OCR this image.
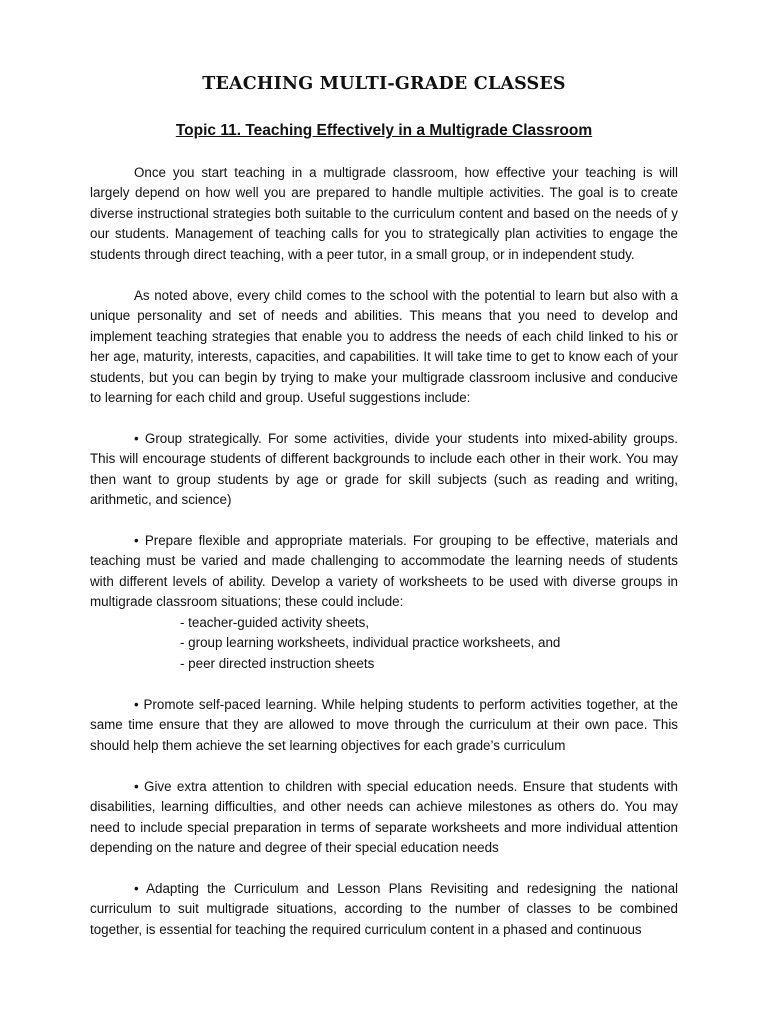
TEACHING MULTI-GRADE CLASSES
Topic 11. Teaching Effectively in a Multigrade Classroom

Once you start teaching in a multigrade classroom, how effective your teaching is will largely depend on how well you are prepared to handle multiple activities. The goal is to create diverse instructional strategies both suitable to the curriculum content and based on the needs of y our students. Management of teaching calls for you to strategically plan activities to engage the students through direct teaching, with a peer tutor, in a small group, or in independent study.

As noted above, every child comes to the school with the potential to learn but also with a unique personality and set of needs and abilities. This means that you need to develop and implement teaching strategies that enable you to address the needs of each child linked to his or her age, maturity, interests, capacities, and capabilities. It will take time to get to know each of your students, but you can begin by trying to make your multigrade classroom inclusive and conducive to learning for each child and group. Useful suggestions include:

• Group strategically. For some activities, divide your students into mixed-ability groups. This will encourage students of different backgrounds to include each other in their work. You may then want to group students by age or grade for skill subjects (such as reading and writing, arithmetic, and science)

• Prepare flexible and appropriate materials. For grouping to be effective, materials and teaching must be varied and made challenging to accommodate the learning needs of students with different levels of ability. Develop a variety of worksheets to be used with diverse groups in multigrade classroom situations; these could include:

- teacher-guided activity sheets,
- group learning worksheets, individual practice worksheets, and
- peer directed instruction sheets

• Promote self-paced learning. While helping students to perform activities together, at the same time ensure that they are allowed to move through the curriculum at their own pace. This should help them achieve the set learning objectives for each grade’s curriculum

• Give extra attention to children with special education needs. Ensure that students with disabilities, learning difficulties, and other needs can achieve milestones as others do. You may need to include special preparation in terms of separate worksheets and more individual attention depending on the nature and degree of their special education needs

• Adapting the Curriculum and Lesson Plans Revisiting and redesigning the national curriculum to suit multigrade situations, according to the number of classes to be combined together, is essential for teaching the required curriculum content in a phased and continuous
